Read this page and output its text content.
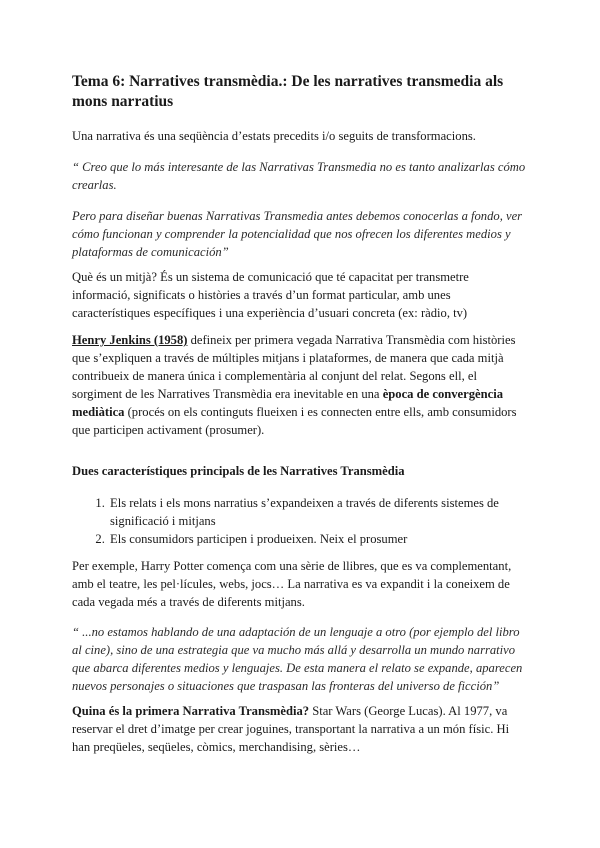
Tema 6: Narratives transmèdia.: De les narratives transmedia als mons narratius

Una narrativa és una seqüència d’estats precedits i/o seguits de transformacions.

“ Creo que lo más interesante de las Narrativas Transmedia no es tanto analizarlas cómo crearlas.

Pero para diseñar buenas Narrativas Transmedia antes debemos conocerlas a fondo, ver cómo funcionan y comprender la potencialidad que nos ofrecen los diferentes medios y plataformas de comunicación”

Què és un mitjà? És un sistema de comunicació que té capacitat per transmetre informació, significats o històries a través d’un format particular, amb unes característiques específiques i una experiència d’usuari concreta (ex: ràdio, tv)

Henry Jenkins (1958) defineix per primera vegada Narrativa Transmèdia com històries que s’expliquen a través de múltiples mitjans i plataformes, de manera que cada mitjà contribueix de manera única i complementària al conjunt del relat. Segons ell, el sorgiment de les Narratives Transmèdia era inevitable en una època de convergència mediàtica (procés on els continguts flueixen i es connecten entre ells, amb consumidors que participen activament (prosumer).

Dues característiques principals de les Narratives Transmèdia
1. Els relats i els mons narratius s’expandeixen a través de diferents sistemes de significació i mitjans
2. Els consumidors participen i produeixen. Neix el prosumer

Per exemple, Harry Potter comença com una sèrie de llibres, que es va complementant, amb el teatre, les pel·lícules, webs, jocs… La narrativa es va expandit i la coneixem de cada vegada més a través de diferents mitjans.

“ ...no estamos hablando de una adaptación de un lenguaje a otro (por ejemplo del libro al cine), sino de una estrategia que va mucho más allá y desarrolla un mundo narrativo que abarca diferentes medios y lenguajes. De esta manera el relato se expande, aparecen nuevos personajes o situaciones que traspasan las fronteras del universo de ficción”

Quina és la primera Narrativa Transmèdia? Star Wars (George Lucas). Al 1977, va reservar el dret d’imatge per crear joguines, transportant la narrativa a un món físic. Hi han preqüeles, seqüeles, còmics, merchandising, sèries…
